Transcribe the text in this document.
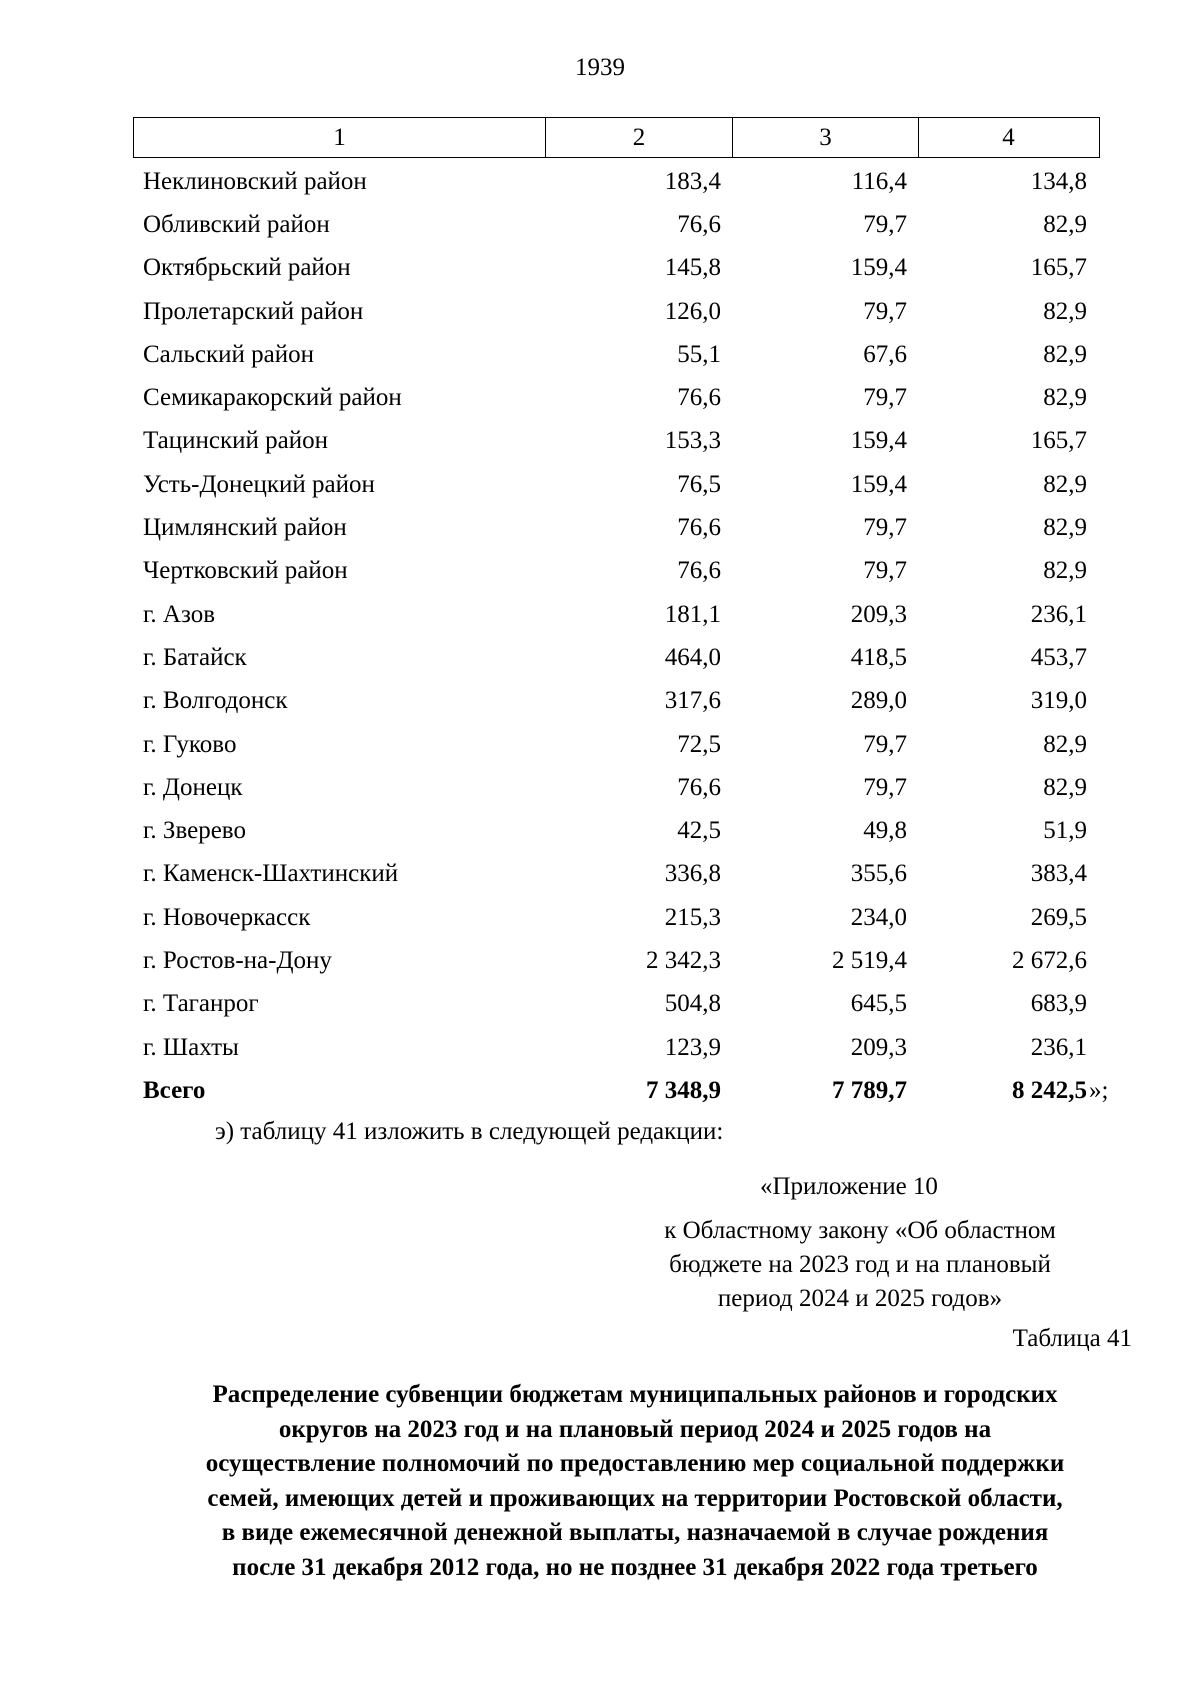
1939
1	2	3	4
Неклиновский район	183,4	116,4	134,8
Обливский район	76,6	79,7	82,9
Октябрьский район	145,8	159,4	165,7
Пролетарский район	126,0	79,7	82,9
Сальский район	55,1	67,6	82,9
Семикаракорский район	76,6	79,7	82,9
Тацинский район	153,3	159,4	165,7
Усть-Донецкий район	76,5	159,4	82,9
Цимлянский район	76,6	79,7	82,9
Чертковский район	76,6	79,7	82,9
г. Азов	181,1	209,3	236,1
г. Батайск	464,0	418,5	453,7
г. Волгодонск	317,6	289,0	319,0
г. Гуково	72,5	79,7	82,9
г. Донецк	76,6	79,7	82,9
г. Зверево	42,5	49,8	51,9
г. Каменск-Шахтинский	336,8	355,6	383,4
г. Новочеркасск	215,3	234,0	269,5
г. Ростов-на-Дону	2 342,3	2 519,4	2 672,6
г. Таганрог	504,8	645,5	683,9
г. Шахты	123,9	209,3	236,1
Всего	7 348,9	7 789,7	8 242,5 »;
э) таблицу 41 изложить в следующей редакции:
«Приложение 10
к Областному закону «Об областном
бюджете на 2023 год и на плановый
период 2024 и 2025 годов»
Таблица 41
Распределение субвенции бюджетам муниципальных районов и городских
округов на 2023 год и на плановый период 2024 и 2025 годов на
осуществление полномочий по предоставлению мер социальной поддержки
семей, имеющих детей и проживающих на территории Ростовской области,
в виде ежемесячной денежной выплаты, назначаемой в случае рождения
после 31 декабря 2012 года, но не позднее 31 декабря 2022 года третьего
